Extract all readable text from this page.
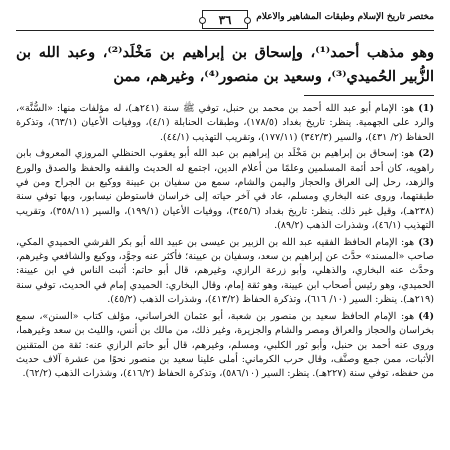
مختصر تاريخ الإسلام وطبقات المشاهير والأعلام
٣٦
وهو مذهب أحمد⁽¹⁾، وإسحاق بن إبراهيم بن مَخْلَد⁽²⁾، وعبد الله بن الزُّبير الحُميدي⁽³⁾، وسعيد بن منصور⁽⁴⁾، وغيرهم، ممن

(1)هو: الإمام أبو عبد الله أحمد بن محمد بن حنبل، توفي ﷺ سنة (٢٤١هـ)، له مؤلفات منها: «السُّنَّة»، والرد على الجهمية. ينظر: تاريخ بغداد (١٧٨/٥)، وطبقات الحنابلة (٤/١)، ووفيات الأعيان (٦٣/١)، وتذكرة الحفاظ (٢/ ٤٣١)، والسير (٣٤٢/٣) (١٧٧/١١)، وتقريب التهذيب (٤٤/١).

(2)هو: إسحاق بن إبراهيم بن مَخْلَد بن إبراهيم بن عبد الله أبو يعقوب الحنظلي المروزي المعروف بابن راهويه، كان أحد أئمة المسلمين وعلمًا من أعلام الدين، اجتمع له الحديث والفقه والحفظ والصدق والورع والزهد، رحل إلى العراق والحجاز واليمن والشام، سمع من سفيان بن عيينة ووكيع بن الجراح ومن في طبقتهما، وروى عنه البخاري ومسلم، عاد في آخر حياته إلى خراسان فاستوطن نيسابور، وبها توفي سنة (٢٣٨هـ)، وقيل غير ذلك. ينظر: تاريخ بغداد (٣٤٥/٦)، ووفيات الأعيان (١٩٩/١)، والسير (٣٥٨/١١)، وتقريب التهذيب (٤٦/١)، وشذرات الذهب (٨٩/٢).

(3)هو: الإمام الحافظ الفقيه عبد الله بن الزبير بن عيسى بن عبيد الله أبو بكر القرشي الحميدي المكي، صاحب «المسند» حدَّث عن إبراهيم بن سعد، وسفيان بن عيينة؛ فأكثر عنه وجوَّد، ووكيع والشافعي وغيرهم، وحدَّث عنه البخاري، والذهلي، وأبو زرعة الرازي، وغيرهم، قال أبو حاتم: أثبت الناس في ابن عيينة: الحميدي، وهو رئيس أصحاب ابن عيينة، وهو ثقة إمام، وقال البخاري: الحميدي إمام في الحديث، توفي سنة (٢١٩هـ). ينظر: السير (١٠/ ٦١٦)، وتذكرة الحفاظ (٤١٣/٢)، وشذرات الذهب (٤٥/٢).

(4)هو: الإمام الحافظ سعيد بن منصور بن شعبة، أبو عثمان الخراساني، مؤلف كتاب «السنن»، سمع بخراسان والحجاز والعراق ومصر والشام والجزيرة، وغير ذلك، من مالك بن أنس، والليث بن سعد وغيرهما، وروى عنه أحمد بن حنبل، وأبو ثور الكلبي، ومسلم، وغيرهم، قال أبو حاتم الرازي عنه: ثقة من المتقنين الأثبات، ممن جمع وصنَّف، وقال حرب الكرماني: أملى علينا سعيد بن منصور نحوًا من عشرة آلاف حديث من حفظه، توفي سنة (٢٢٧هـ). ينظر: السير (٥٨٦/١٠)، وتذكرة الحفاظ (٤١٦/٢)، وشذرات الذهب (٦٢/٢).
